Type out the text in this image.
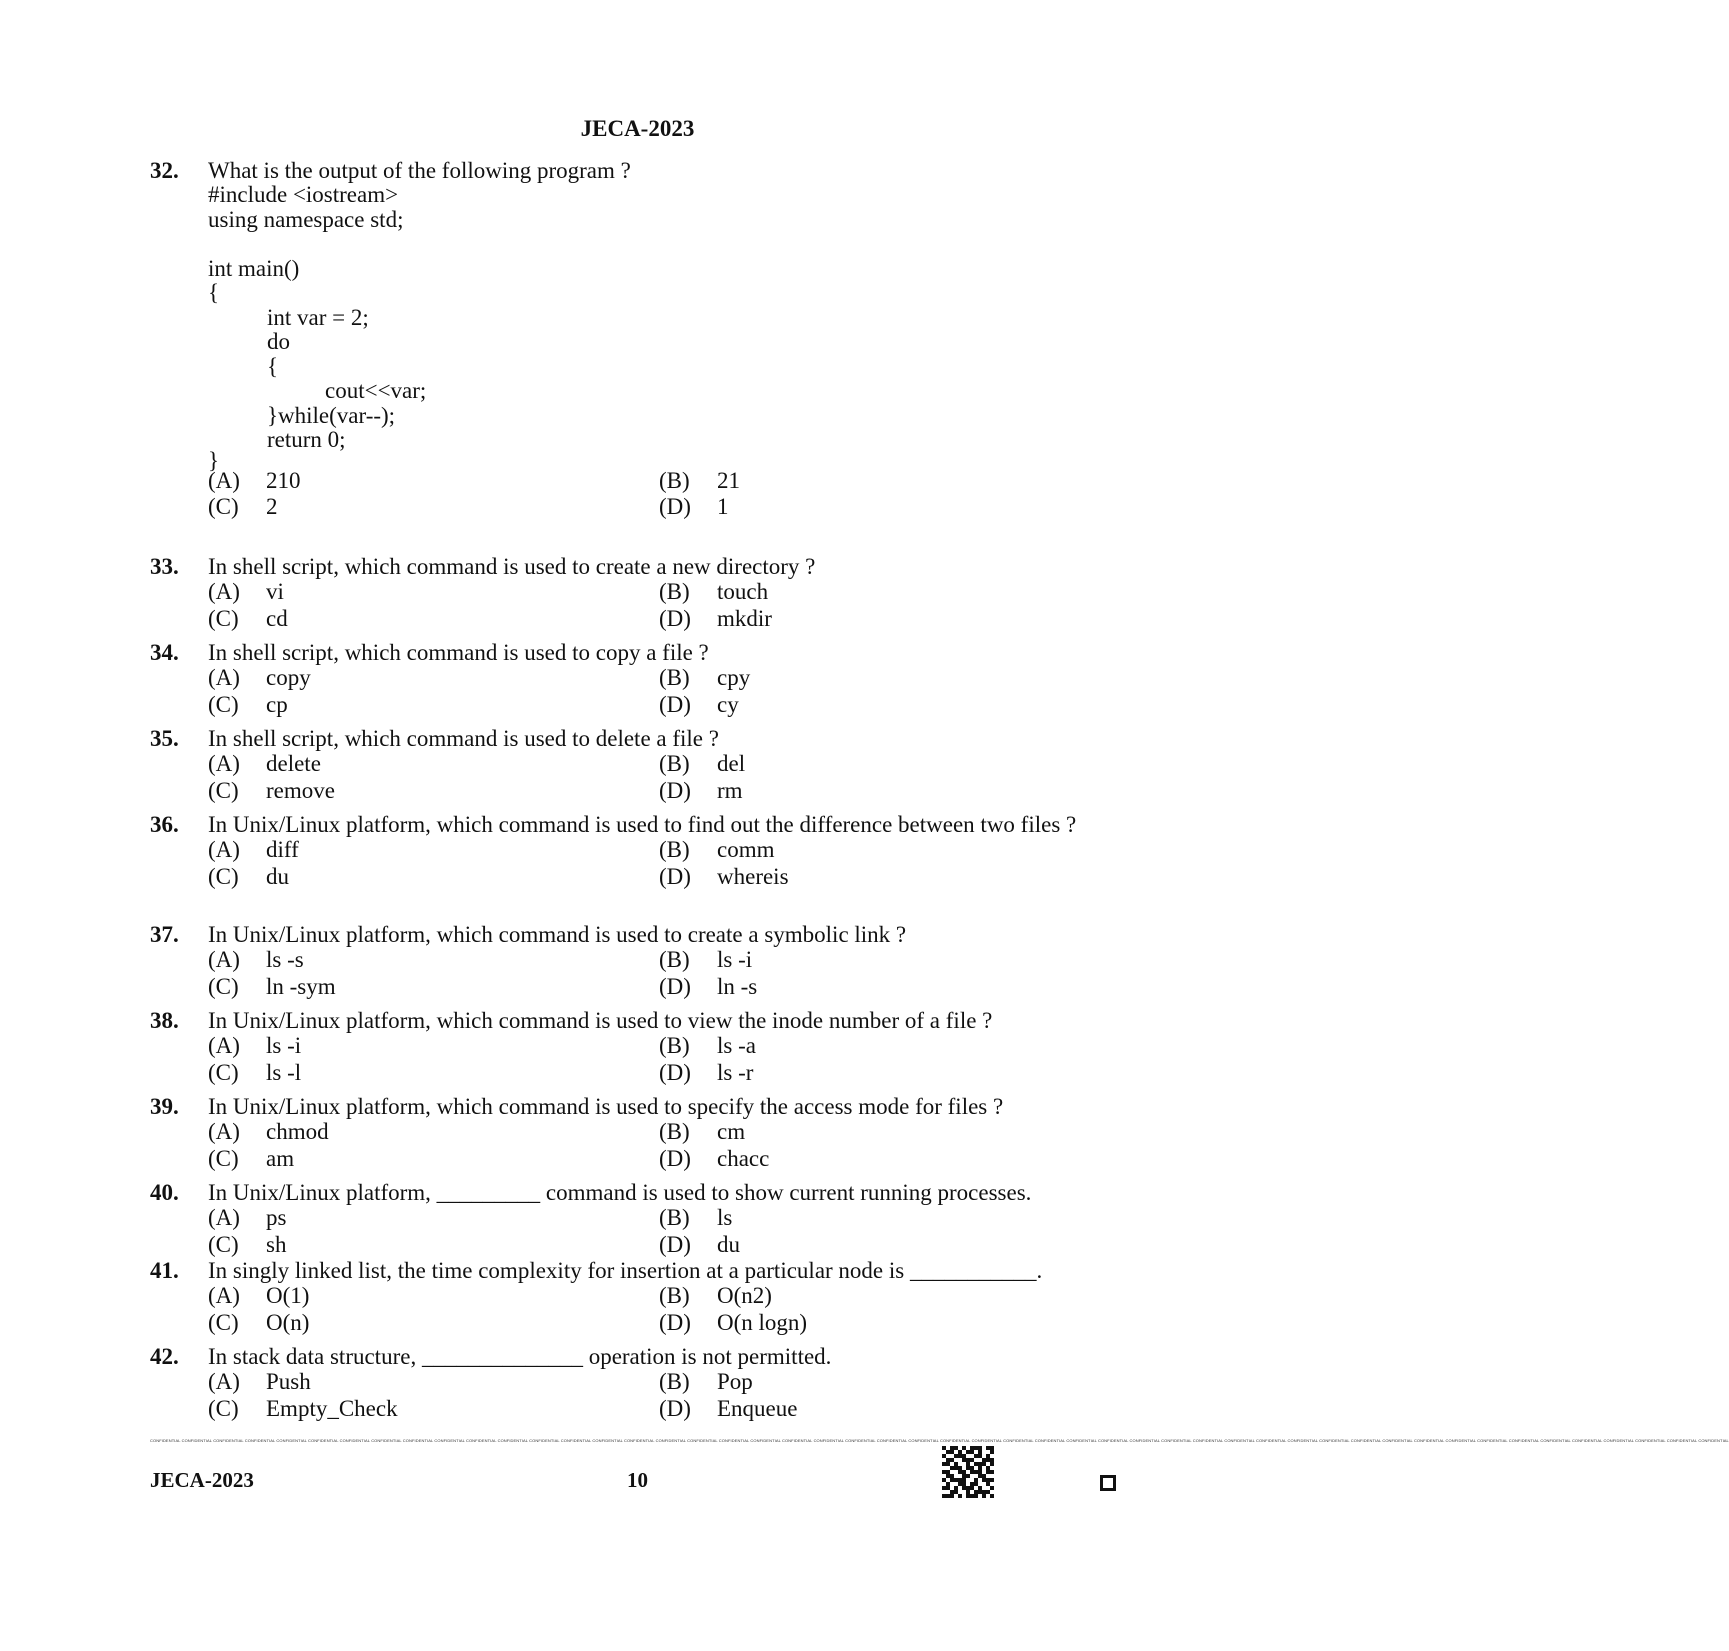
JECA-2023
32. What is the output of the following program ?
#include <iostream>
using namespace std;
int main()
{
int var = 2;
do
{
cout<<var;
}while(var--);
return 0;
}
(A)	210	(B)	21
(C)	2	(D)	1
33. In shell script, which command is used to create a new directory ?
(A)	vi	(B)	touch
(C)	cd	(D)	mkdir
34. In shell script, which command is used to copy a file ?
(A)	copy	(B)	cpy
(C)	cp	(D)	cy
35. In shell script, which command is used to delete a file ?
(A)	delete	(B)	del
(C)	remove	(D)	rm
36. In Unix/Linux platform, which command is used to find out the difference between two files ?
(A)	diff	(B)	comm
(C)	du	(D)	whereis
37. In Unix/Linux platform, which command is used to create a symbolic link ?
(A)	ls -s	(B)	ls -i
(C)	ln -sym	(D)	ln -s
38. In Unix/Linux platform, which command is used to view the inode number of a file ?
(A)	ls -i	(B)	ls -a
(C)	ls -l	(D)	ls -r
39. In Unix/Linux platform, which command is used to specify the access mode for files ?
(A)	chmod	(B)	cm
(C)	am	(D)	chacc
40. In Unix/Linux platform, _________ command is used to show current running processes.
(A)	ps	(B)	ls
(C)	sh	(D)	du
41. In singly linked list, the time complexity for insertion at a particular node is ___________.
(A)	O(1)	(B)	O(n2)
(C)	O(n)	(D)	O(n logn)
42. In stack data structure, ______________ operation is not permitted.
(A)	Push	(B)	Pop
(C)	Empty_Check	(D)	Enqueue
CONFIDENTIAL CONFIDENTIAL CONFIDENTIAL CONFIDENTIAL CONFIDENTIAL CONFIDENTIAL CONFIDENTIAL CONFIDENTIAL CONFIDENTIAL CONFIDENTIAL CONFIDENTIAL CONFIDENTIAL CONFIDENTIAL CONFIDENTIAL CONFIDENTIAL CONFIDENTIAL CONFIDENTIAL CONFIDENTIAL CONFIDENTIAL CONFIDENTIAL CONFIDENTIAL CONFIDENTIAL CONFIDENTIAL CONFIDENTIAL CONFIDENTIAL CONFIDENTIAL CONFIDENTIAL CONFIDENTIAL CONFIDENTIAL CONFIDENTIAL CONFIDENTIAL CONFIDENTIAL CONFIDENTIAL CONFIDENTIAL CONFIDENTIAL CONFIDENTIAL CONFIDENTIAL CONFIDENTIAL CONFIDENTIAL CONFIDENTIAL CONFIDENTIAL CONFIDENTIAL CONFIDENTIAL CONFIDENTIAL CONFIDENTIAL CONFIDENTIAL CONFIDENTIAL CONFIDENTIAL CONFIDENTIAL CONFIDENTIAL
JECA-2023	10
